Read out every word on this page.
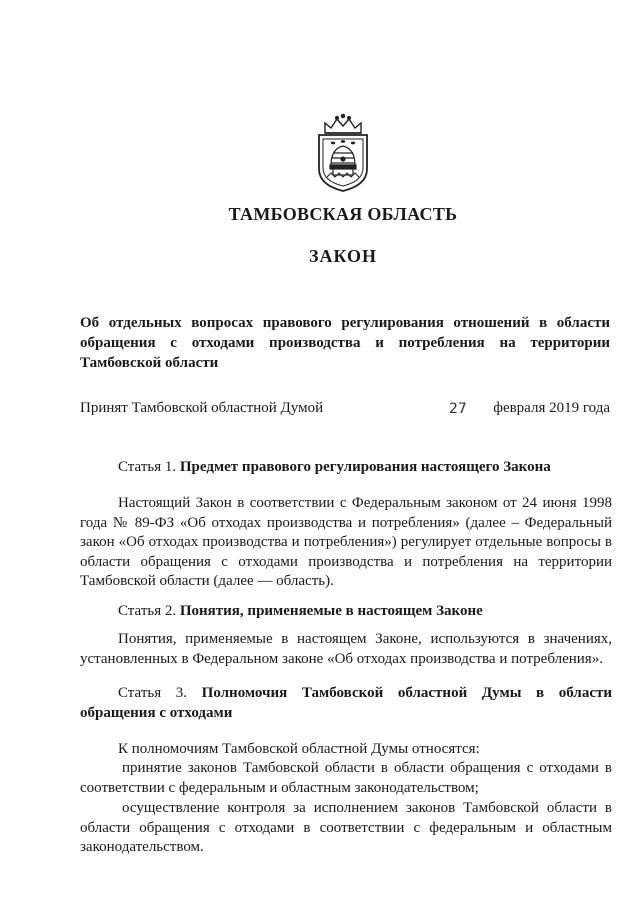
ТАМБОВСКАЯ ОБЛАСТЬ
ЗАКОН

Об отдельных вопросах правового регулирования отношений в области обращения с отходами производства и потребления на территории Тамбовской области

Принят Тамбовской областной Думой	27 февраля 2019 года

Статья 1. Предмет правового регулирования настоящего Закона

Настоящий Закон в соответствии с Федеральным законом от 24 июня 1998 года № 89-ФЗ «Об отходах производства и потребления» (далее – Федеральный закон «Об отходах производства и потребления») регулирует отдельные вопросы в области обращения с отходами производства и потребления на территории Тамбовской области (далее — область).

Статья 2. Понятия, применяемые в настоящем Законе

Понятия, применяемые в настоящем Законе, используются в значениях, установленных в Федеральном законе «Об отходах производства и потребления».

Статья 3. Полномочия Тамбовской областной Думы в области обращения с отходами

К полномочиям Тамбовской областной Думы относятся:

принятие законов Тамбовской области в области обращения с отходами в соответствии с федеральным и областным законодательством;

осуществление контроля за исполнением законов Тамбовской области в области обращения с отходами в соответствии с федеральным и областным законодательством.
